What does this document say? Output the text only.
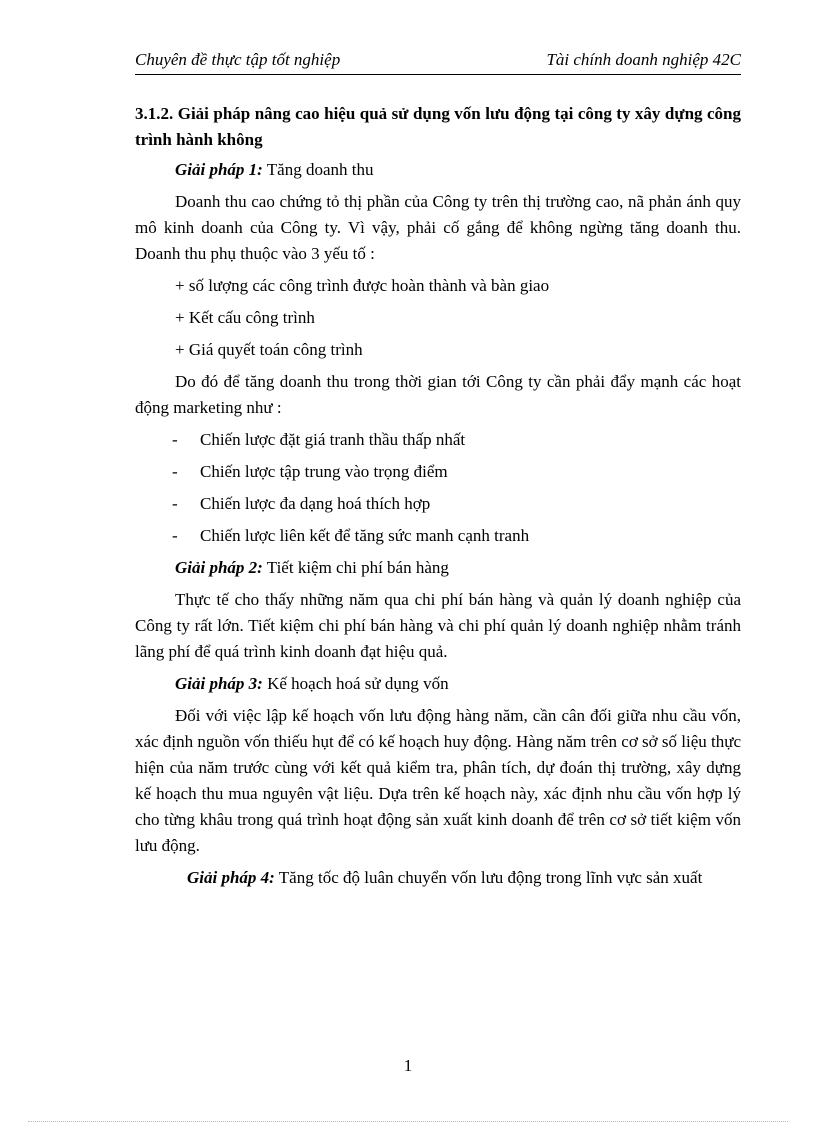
Chuyên đề thực tập tốt nghiệp	Tài chính doanh nghiệp 42C
3.1.2. Giải pháp nâng cao hiệu quả sử dụng vốn lưu động tại công ty xây dựng công trình hành không

Giải pháp 1: Tăng doanh thu

Doanh thu cao chứng tỏ thị phần của Công ty trên thị trường cao, nã phản ánh quy mô kinh doanh của Công ty. Vì vậy, phải cố gắng để không ngừng tăng doanh thu. Doanh thu phụ thuộc vào 3 yếu tố :

+ số lượng các công trình được hoàn thành và bàn giao
+ Kết cấu công trình
+ Giá quyết toán công trình

Do đó để tăng doanh thu trong thời gian tới Công ty cần phải đẩy mạnh các hoạt động marketing như :

-	Chiến lược đặt giá tranh thầu thấp nhất
-	Chiến lược tập trung vào trọng điểm
-	Chiến lược đa dạng hoá thích hợp
-	Chiến lược liên kết để tăng sức manh cạnh tranh

Giải pháp 2: Tiết kiệm chi phí bán hàng

Thực tế cho thấy những năm qua chi phí bán hàng và quản lý doanh nghiệp của Công ty rất lớn. Tiết kiệm chi phí bán hàng và chi phí quản lý doanh nghiệp nhằm tránh lãng phí để quá trình kinh doanh đạt hiệu quả.

Giải pháp 3: Kế hoạch hoá sử dụng vốn

Đối với việc lập kế hoạch vốn lưu động hàng năm, cần cân đối giữa nhu cầu vốn, xác định nguồn vốn thiếu hụt để có kế hoạch huy động. Hàng năm trên cơ sở số liệu thực hiện của năm trước cùng với kết quả kiểm tra, phân tích, dự đoán thị trường, xây dựng kế hoạch thu mua nguyên vật liệu. Dựa trên kế hoạch này, xác định nhu cầu vốn hợp lý cho từng khâu trong quá trình hoạt động sản xuất kinh doanh để trên cơ sở tiết kiệm vốn lưu động.

Giải pháp 4: Tăng tốc độ luân chuyển vốn lưu động trong lĩnh vực sản xuất

1
